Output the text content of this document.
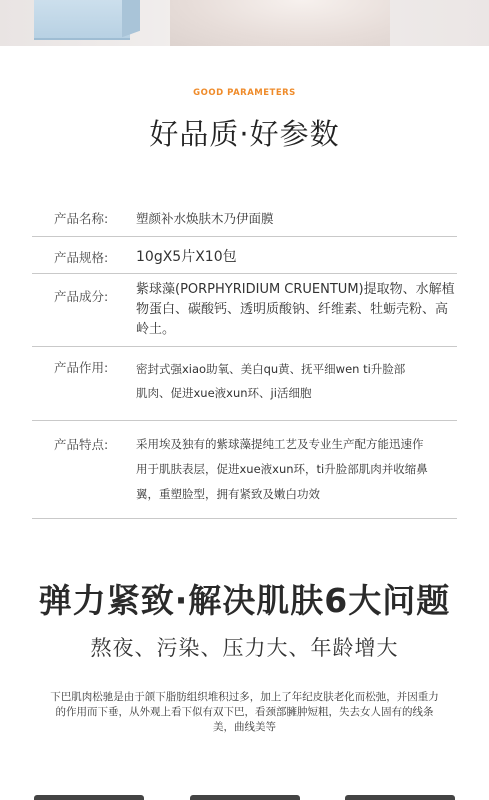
GOOD PARAMETERS
好品质·好参数
产品名称: 塑颜补水焕肤木乃伊面膜
产品规格: 10gX5片X10包
产品成分: 紫球藻(PORPHYRIDIUM CRUENTUM)提取物、水解植物蛋白、碳酸钙、透明质酸钠、纤维素、牡蛎壳粉、高岭土。
产品作用: 密封式强xiao助氧、美白qu黄、抚平细wen ti升脸部肌肉、促进xue液xun环、ji活细胞
产品特点: 采用埃及独有的紫球藻提纯工艺及专业生产配方能迅速作用于肌肤表层，促进xue液xun环，ti升脸部肌肉并收缩鼻翼，重塑脸型，拥有紧致及嫩白功效
弹力紧致·解决肌肤6大问题
熬夜、污染、压力大、年龄增大
下巴肌肉松驰是由于颌下脂肪组织堆积过多，加上了年纪皮肤老化而松弛，并因重力的作用而下垂，从外观上看下似有双下巴，看颈部臃肿短粗，失去女人固有的线条美，曲线美等
